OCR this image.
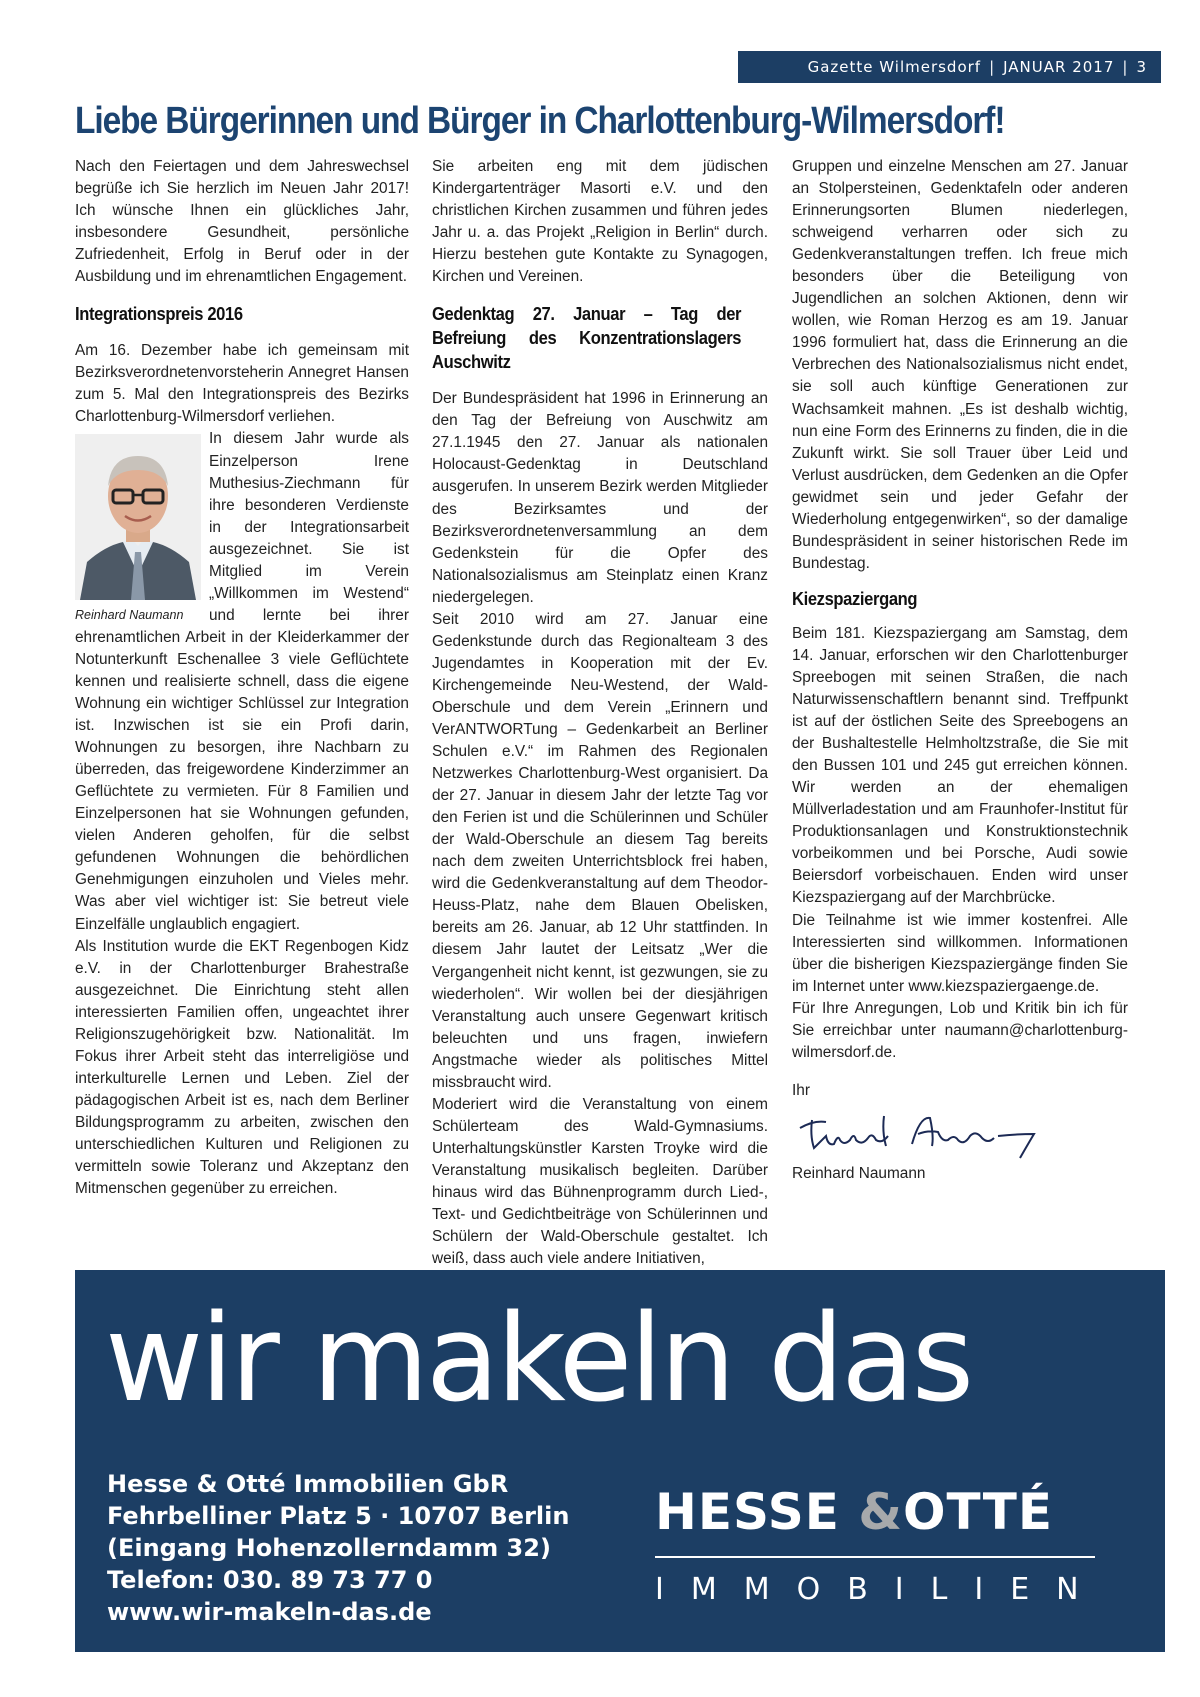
Gazette Wilmersdorf | JANUAR 2017 | 3
Liebe Bürgerinnen und Bürger in Charlottenburg-Wilmersdorf!

Nach den Feiertagen und dem Jahreswechsel begrüße ich Sie herzlich im Neuen Jahr 2017! Ich wünsche Ihnen ein glückliches Jahr, insbesondere Gesundheit, persönliche Zufriedenheit, Erfolg in Beruf oder in der Ausbildung und im ehrenamtlichen Engagement.

Integrationspreis 2016

Am 16. Dezember habe ich gemeinsam mit Bezirksverordnetenvorsteherin Annegret Hansen zum 5. Mal den Integrationspreis des Bezirks Charlottenburg-Wilmersdorf verliehen.

Reinhard Naumann

In diesem Jahr wurde als Einzelperson Irene Muthesius-Ziechmann für ihre besonderen Verdienste in der Integrationsarbeit ausgezeichnet. Sie ist Mitglied im Verein „Willkommen im Westend“ und lernte bei ihrer ehrenamtlichen Arbeit in der Kleiderkammer der Notunterkunft Eschenallee 3 viele Geflüchtete kennen und realisierte schnell, dass die eigene Wohnung ein wichtiger Schlüssel zur Integration ist. Inzwischen ist sie ein Profi darin, Wohnungen zu besorgen, ihre Nachbarn zu überreden, das freigewordene Kinderzimmer an Geflüchtete zu vermieten. Für 8 Familien und Einzelpersonen hat sie Wohnungen gefunden, vielen Anderen geholfen, für die selbst gefundenen Wohnungen die behördlichen Genehmigungen einzuholen und Vieles mehr. Was aber viel wichtiger ist: Sie betreut viele Einzelfälle unglaublich engagiert.

Als Institution wurde die EKT Regenbogen Kidz e.V. in der Charlottenburger Brahestraße ausgezeichnet. Die Einrichtung steht allen interessierten Familien offen, ungeachtet ihrer Religionszugehörigkeit bzw. Nationalität. Im Fokus ihrer Arbeit steht das interreligiöse und interkulturelle Lernen und Leben. Ziel der pädagogischen Arbeit ist es, nach dem Berliner Bildungsprogramm zu arbeiten, zwischen den unterschiedlichen Kulturen und Religionen zu vermitteln sowie Toleranz und Akzeptanz den Mitmenschen gegenüber zu erreichen.

Sie arbeiten eng mit dem jüdischen Kindergartenträger Masorti e.V. und den christlichen Kirchen zusammen und führen jedes Jahr u. a. das Projekt „Religion in Berlin“ durch. Hierzu bestehen gute Kontakte zu Synagogen, Kirchen und Vereinen.

Gedenktag 27. Januar – Tag der Befreiung des Konzentrationslagers Auschwitz

Der Bundespräsident hat 1996 in Erinnerung an den Tag der Befreiung von Auschwitz am 27.1.1945 den 27. Januar als nationalen Holocaust-Gedenktag in Deutschland ausgerufen. In unserem Bezirk werden Mitglieder des Bezirksamtes und der Bezirksverordnetenversammlung an dem Gedenkstein für die Opfer des Nationalsozialismus am Steinplatz einen Kranz niedergelegen.

Seit 2010 wird am 27. Januar eine Gedenkstunde durch das Regionalteam 3 des Jugendamtes in Kooperation mit der Ev. Kirchengemeinde Neu-Westend, der Wald-Oberschule und dem Verein „Erinnern und VerANTWORTung – Gedenkarbeit an Berliner Schulen e.V.“ im Rahmen des Regionalen Netzwerkes Charlottenburg-West organisiert. Da der 27. Januar in diesem Jahr der letzte Tag vor den Ferien ist und die Schülerinnen und Schüler der Wald-Oberschule an diesem Tag bereits nach dem zweiten Unterrichtsblock frei haben, wird die Gedenkveranstaltung auf dem Theodor-Heuss-Platz, nahe dem Blauen Obelisken, bereits am 26. Januar, ab 12 Uhr stattfinden. In diesem Jahr lautet der Leitsatz „Wer die Vergangenheit nicht kennt, ist gezwungen, sie zu wiederholen“. Wir wollen bei der diesjährigen Veranstaltung auch unsere Gegenwart kritisch beleuchten und uns fragen, inwiefern Angstmache wieder als politisches Mittel missbraucht wird.

Moderiert wird die Veranstaltung von einem Schülerteam des Wald-Gymnasiums. Unterhaltungskünstler Karsten Troyke wird die Veranstaltung musikalisch begleiten. Darüber hinaus wird das Bühnenprogramm durch Lied-, Text- und Gedichtbeiträge von Schülerinnen und Schülern der Wald-Oberschule gestaltet. Ich weiß, dass auch viele andere Initiativen,

Gruppen und einzelne Menschen am 27. Januar an Stolpersteinen, Gedenktafeln oder anderen Erinnerungsorten Blumen niederlegen, schweigend verharren oder sich zu Gedenkveranstaltungen treffen. Ich freue mich besonders über die Beteiligung von Jugendlichen an solchen Aktionen, denn wir wollen, wie Roman Herzog es am 19. Januar 1996 formuliert hat, dass die Erinnerung an die Verbrechen des Nationalsozialismus nicht endet, sie soll auch künftige Generationen zur Wachsamkeit mahnen. „Es ist deshalb wichtig, nun eine Form des Erinnerns zu finden, die in die Zukunft wirkt. Sie soll Trauer über Leid und Verlust ausdrücken, dem Gedenken an die Opfer gewidmet sein und jeder Gefahr der Wiederholung entgegenwirken“, so der damalige Bundespräsident in seiner historischen Rede im Bundestag.

Kiezspaziergang

Beim 181. Kiezspaziergang am Samstag, dem 14. Januar, erforschen wir den Charlottenburger Spreebogen mit seinen Straßen, die nach Naturwissenschaftlern benannt sind. Treffpunkt ist auf der östlichen Seite des Spreebogens an der Bushaltestelle Helmholtzstraße, die Sie mit den Bussen 101 und 245 gut erreichen können. Wir werden an der ehemaligen Müllverladestation und am Fraunhofer-Institut für Produktionsanlagen und Konstruktionstechnik vorbeikommen und bei Porsche, Audi sowie Beiersdorf vorbeischauen. Enden wird unser Kiezspaziergang auf der Marchbrücke.

Die Teilnahme ist wie immer kostenfrei. Alle Interessierten sind willkommen. Informationen über die bisherigen Kiezspaziergänge finden Sie im Internet unter www.kiezspaziergaenge.de.

Für Ihre Anregungen, Lob und Kritik bin ich für Sie erreichbar unter naumann@charlottenburg-wilmersdorf.de.

Ihr

Reinhard Naumann

wir makeln das
Hesse & Otté Immobilien GbR
Fehrbelliner Platz 5 · 10707 Berlin
(Eingang Hohenzollerndamm 32)
Telefon: 030. 89 73 77 0
www.wir-makeln-das.de
HESSE &OTTÉ
IMMOBILIEN
